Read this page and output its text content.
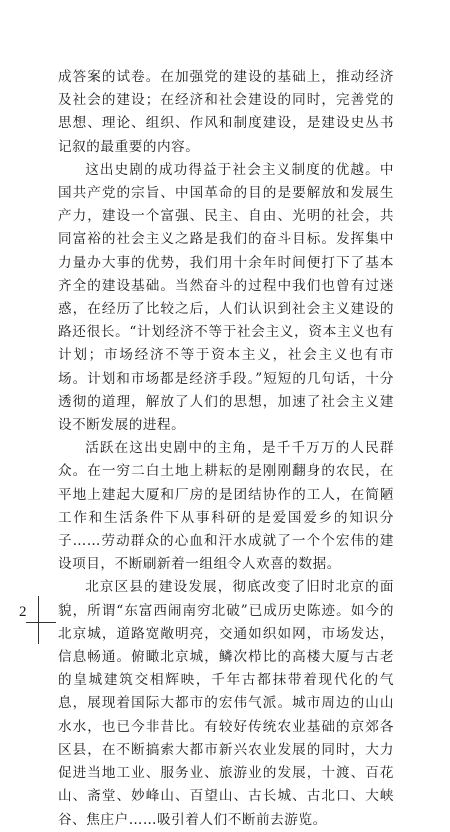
成答案的试卷。在加强党的建设的基础上，推动经济及社会的建设；在经济和社会建设的同时，完善党的思想、理论、组织、作风和制度建设，是建设史丛书记叙的最重要的内容。

这出史剧的成功得益于社会主义制度的优越。中国共产党的宗旨、中国革命的目的是要解放和发展生产力，建设一个富强、民主、自由、光明的社会，共同富裕的社会主义之路是我们的奋斗目标。发挥集中力量办大事的优势，我们用十余年时间便打下了基本齐全的建设基础。当然奋斗的过程中我们也曾有过迷惑，在经历了比较之后，人们认识到社会主义建设的路还很长。“计划经济不等于社会主义，资本主义也有计划；市场经济不等于资本主义，社会主义也有市场。计划和市场都是经济手段。”短短的几句话，十分透彻的道理，解放了人们的思想，加速了社会主义建设不断发展的进程。

活跃在这出史剧中的主角，是千千万万的人民群众。在一穷二白土地上耕耘的是刚刚翻身的农民，在平地上建起大厦和厂房的是团结协作的工人，在简陋工作和生活条件下从事科研的是爱国爱乡的知识分子……劳动群众的心血和汗水成就了一个个宏伟的建设项目，不断刷新着一组组令人欢喜的数据。

北京区县的建设发展，彻底改变了旧时北京的面貌，所谓“东富西闹南穷北破”已成历史陈迹。如今的北京城，道路宽敞明亮，交通如织如网，市场发达，信息畅通。俯瞰北京城，鳞次栉比的高楼大厦与古老的皇城建筑交相辉映，千年古都抹带着现代化的气息，展现着国际大都市的宏伟气派。城市周边的山山水水，也已今非昔比。有较好传统农业基础的京郊各区县，在不断搞索大都市新兴农业发展的同时，大力促进当地工业、服务业、旅游业的发展，十渡、百花山、斋堂、妙峰山、百望山、古长城、古北口、大峡谷、焦庄户……吸引着人们不断前去游览。

2
